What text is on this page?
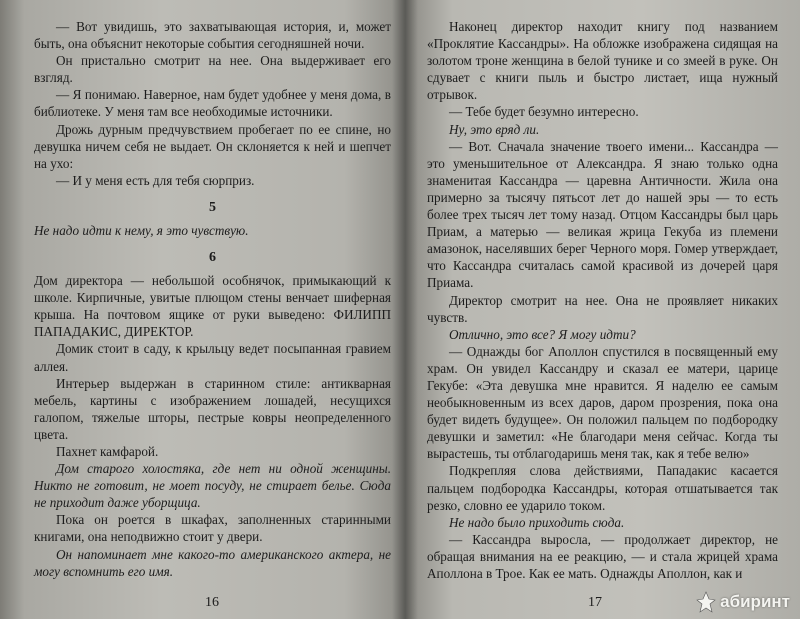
— Вот увидишь, это захватывающая история, и, может быть, она объяснит некоторые события сегодняшней ночи.

Он пристально смотрит на нее. Она выдерживает его взгляд.

— Я понимаю. Наверное, нам будет удобнее у меня дома, в библиотеке. У меня там все необходимые источники.

Дрожь дурным предчувствием пробегает по ее спине, но девушка ничем себя не выдает. Он склоняется к ней и шепчет на ухо:

— И у меня есть для тебя сюрприз.

5

Не надо идти к нему, я это чувствую.

6

Дом директора — небольшой особнячок, примыкающий к школе. Кирпичные, увитые плющом стены венчает шиферная крыша. На почтовом ящике от руки выведено: ФИЛИПП ПАПАДАКИС, ДИРЕКТОР.

Домик стоит в саду, к крыльцу ведет посыпанная гравием аллея.

Интерьер выдержан в старинном стиле: антикварная мебель, картины с изображением лошадей, несущихся галопом, тяжелые шторы, пестрые ковры неопределенного цвета.

Пахнет камфарой.

Дом старого холостяка, где нет ни одной женщины. Никто не готовит, не моет посуду, не стирает белье. Сюда не приходит даже уборщица.

Пока он роется в шкафах, заполненных старинными книгами, она неподвижно стоит у двери.

Он напоминает мне какого-то американского актера, не могу вспомнить его имя.

16

Наконец директор находит книгу под названием «Проклятие Кассандры». На обложке изображена сидящая на золотом троне женщина в белой тунике и со змеей в руке. Он сдувает с книги пыль и быстро листает, ища нужный отрывок.

— Тебе будет безумно интересно.

Ну, это вряд ли.

— Вот. Сначала значение твоего имени... Кассандра — это уменьшительное от Александра. Я знаю только одна знаменитая Кассандра — царевна Античности. Жила она примерно за тысячу пятьсот лет до нашей эры — то есть более трех тысяч лет тому назад. Отцом Кассандры был царь Приам, а матерью — великая жрица Гекуба из племени амазонок, населявших берег Черного моря. Гомер утверждает, что Кассандра считалась самой красивой из дочерей царя Приама.

Директор смотрит на нее. Она не проявляет никаких чувств.

Отлично, это все? Я могу идти?

— Однажды бог Аполлон спустился в посвященный ему храм. Он увидел Кассандру и сказал ее матери, царице Гекубе: «Эта девушка мне нравится. Я наделю ее самым необыкновенным из всех даров, даром прозрения, пока она будет видеть будущее». Он положил пальцем по подбородку девушки и заметил: «Не благодари меня сейчас. Когда ты вырастешь, ты отблагодаришь меня так, как я тебе велю»

Подкрепляя слова действиями, Пападакис касается пальцем подбородка Кассандры, которая отшатывается так резко, словно ее ударило током.

Не надо было приходить сюда.

— Кассандра выросла, — продолжает директор, не обращая внимания на ее реакцию, — и стала жрицей храма Аполлона в Трое. Как ее мать. Однажды Аполлон, как и

17	абиринт
